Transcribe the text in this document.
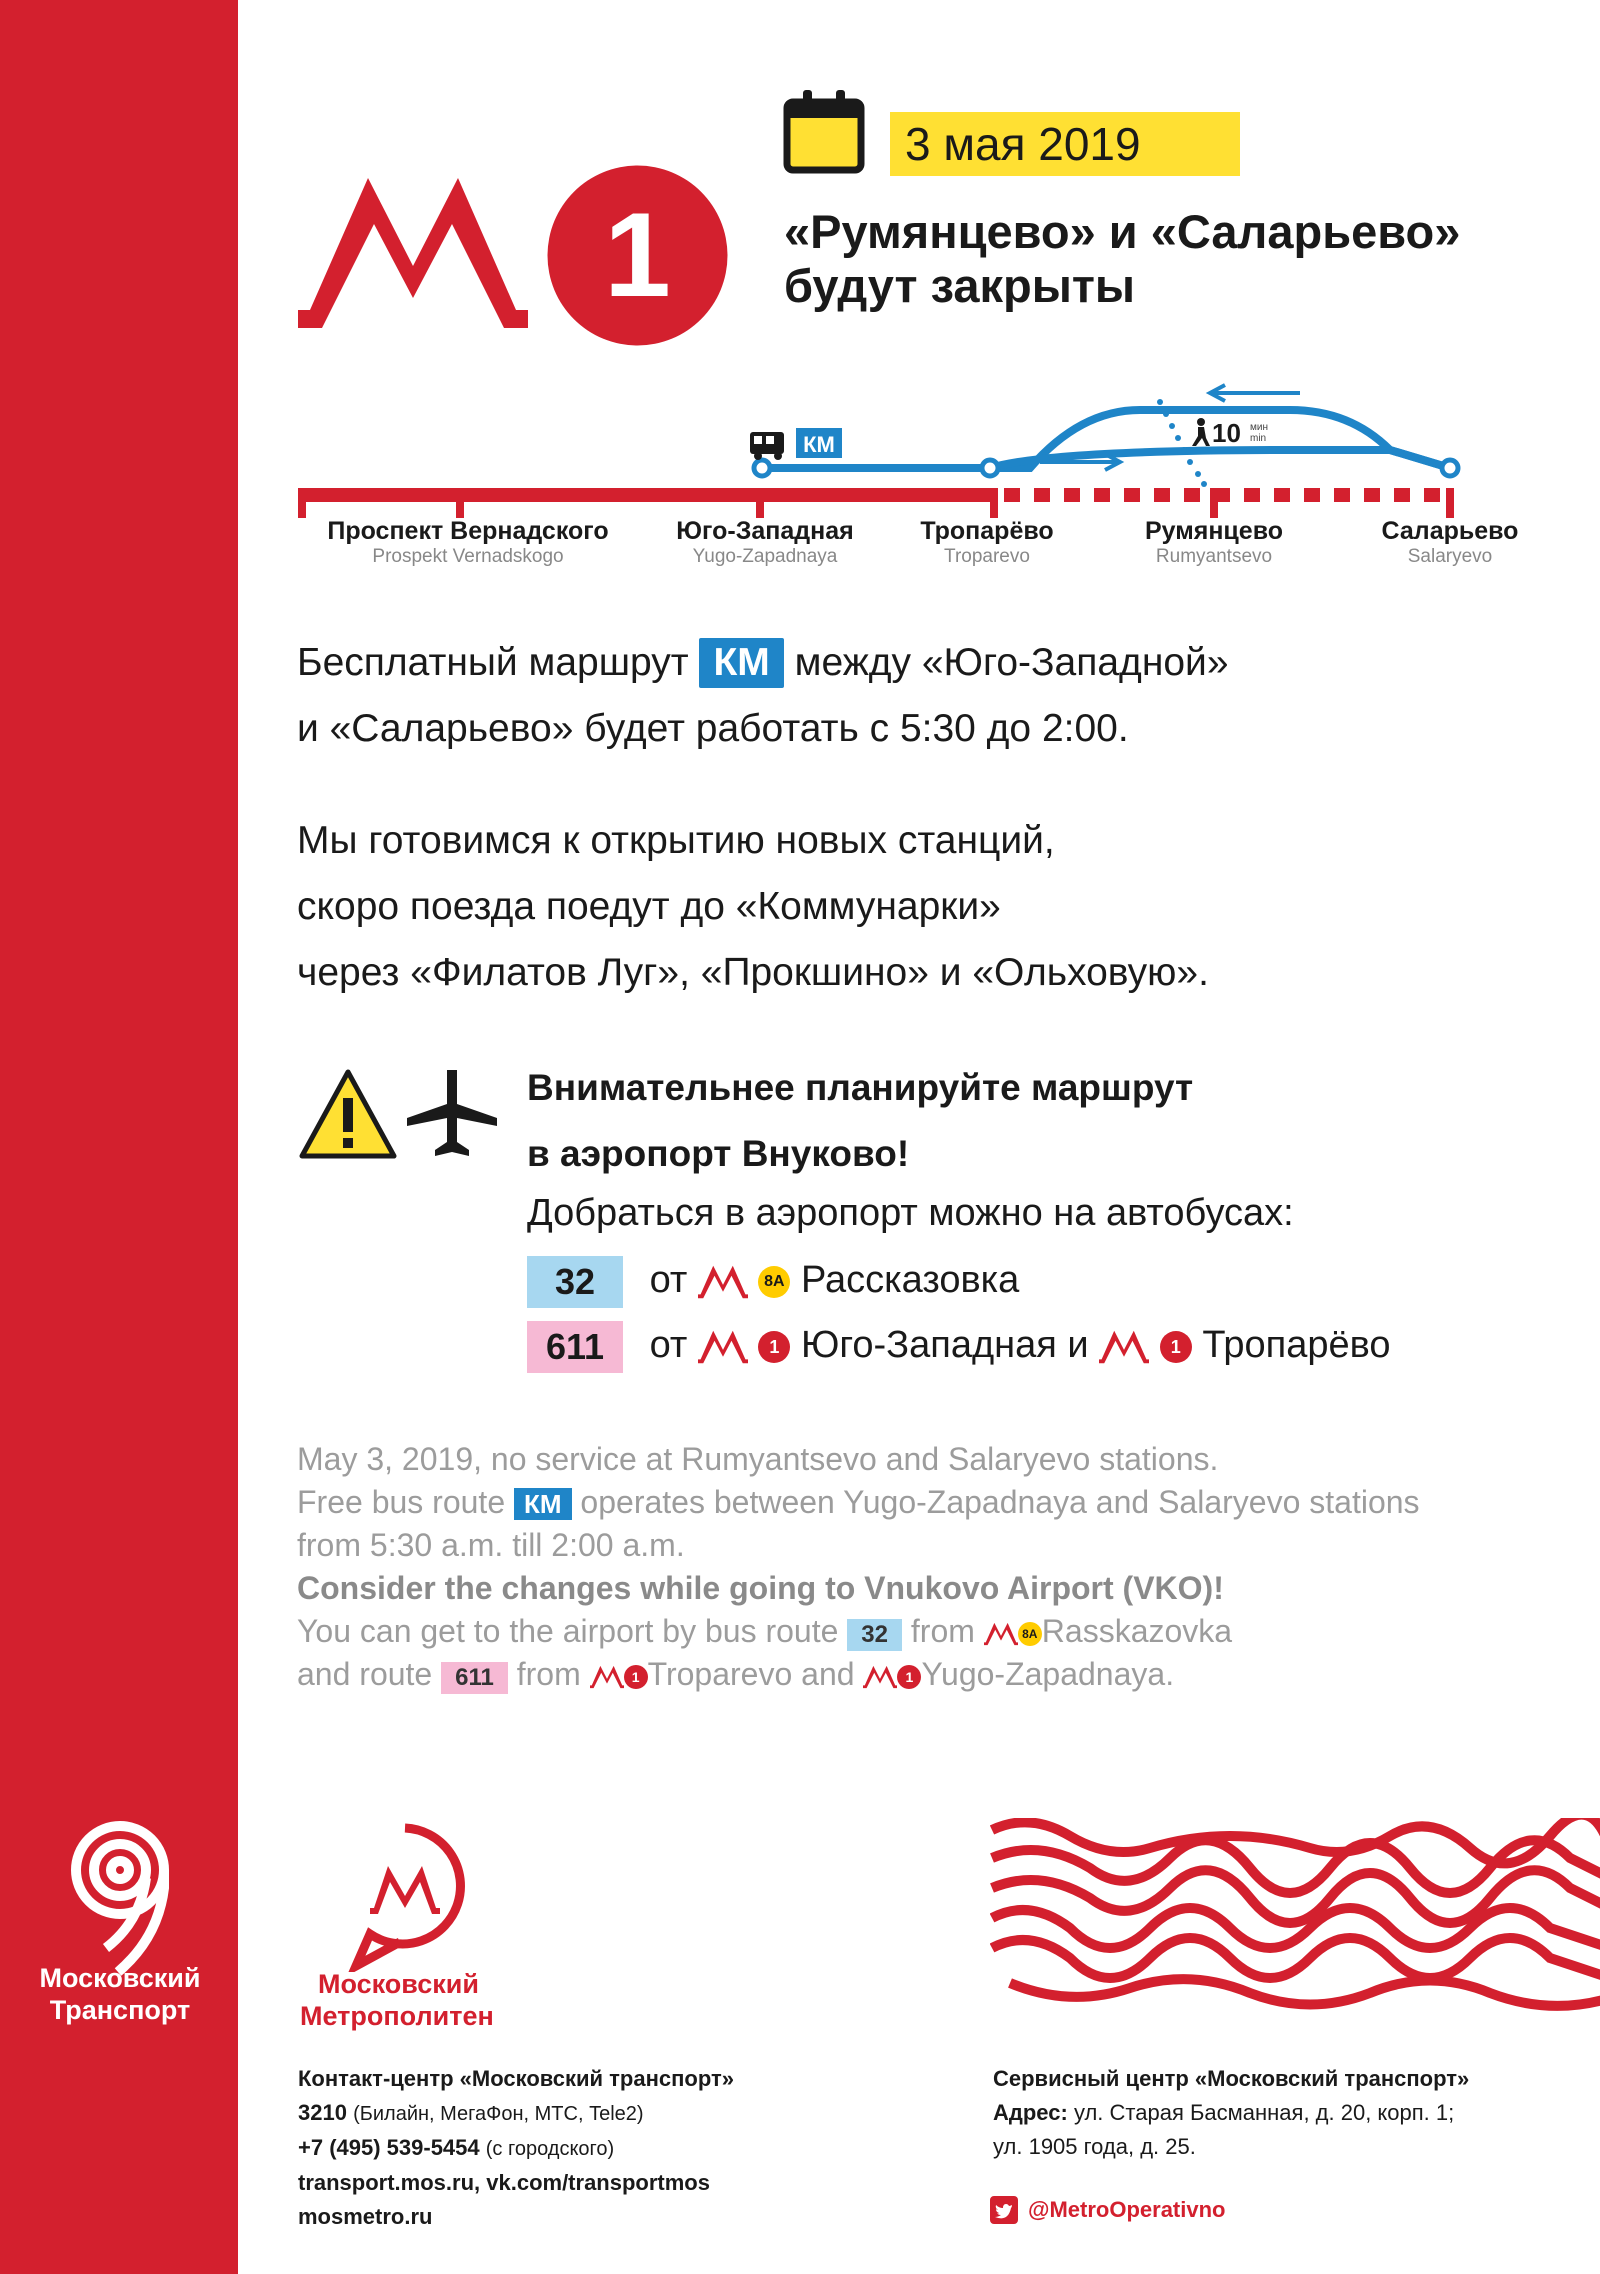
3 мая 2019
1	«Румянцево» и «Саларьево»
будут закрыты
КМ	10 мин min
Проспект Вернадского
Prospekt Vernadskogo
Юго-Западная
Yugo-Zapadnaya
Тропарёво
Troparevo
Румянцево
Rumyantsevo
Саларьево
Salaryevo
Бесплатный маршрут КМ между «Юго-Западной»
и «Саларьево» будет работать с 5:30 до 2:00.
Мы готовимся к открытию новых станций,
скоро поезда поедут до «Коммунарки»
через «Филатов Луг», «Прокшино» и «Ольховую».
Внимательнее планируйте маршрут
в аэропорт Внуково!
Добраться в аэропорт можно на автобусах:
32 от	8А Рассказовка
611 от	1 Юго-Западная и	1 Тропарёво
May 3, 2019, no service at Rumyantsevo and Salaryevo stations.
Free bus route КМ operates between Yugo-Zapadnaya and Salaryevo stations
from 5:30 a.m. till 2:00 a.m.
Consider the changes while going to Vnukovo Airport (VKO)!
You can get to the airport by bus route 32 from	8А Rasskazovka
and route 611 from	1 Troparevo and	1 Yugo-Zapadnaya.
Московский
Транспорт
Московский
Метрополитен
Контакт-центр «Московский транспорт»
3210 (Билайн, МегаФон, МТС, Tele2)
+7 (495) 539-5454 (с городского)
transport.mos.ru, vk.com/transportmos
mosmetro.ru
Сервисный центр «Московский транспорт»
Адрес: ул. Старая Басманная, д. 20, корп. 1;
ул. 1905 года, д. 25.
@MetroOperativno
